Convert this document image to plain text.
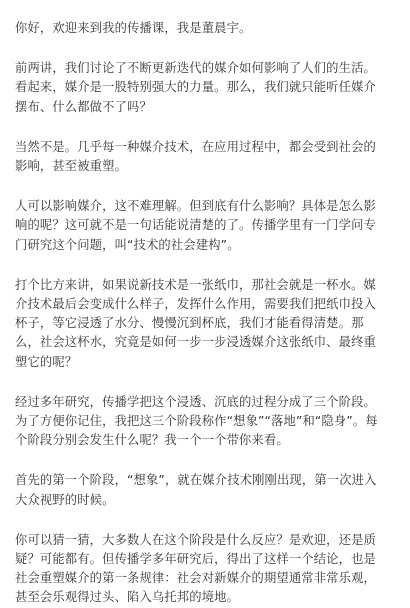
你好，欢迎来到我的传播课，我是董晨宇。

前两讲，我们讨论了不断更新迭代的媒介如何影响了人们的生活。看起来，媒介是一股特别强大的力量。那么，我们就只能听任媒介摆布、什么都做不了吗？

当然不是。几乎每一种媒介技术，在应用过程中，都会受到社会的影响，甚至被重塑。

人可以影响媒介，这不难理解。但到底有什么影响？具体是怎么影响的呢？这可就不是一句话能说清楚的了。传播学里有一门学问专门研究这个问题，叫“技术的社会建构”。

打个比方来讲，如果说新技术是一张纸巾，那社会就是一杯水。媒介技术最后会变成什么样子，发挥什么作用，需要我们把纸巾投入杯子，等它浸透了水分、慢慢沉到杯底，我们才能看得清楚。那么，社会这杯水，究竟是如何一步一步浸透媒介这张纸巾、最终重塑它的呢？

经过多年研究，传播学把这个浸透、沉底的过程分成了三个阶段。为了方便你记住，我把这三个阶段称作“想象”“落地”和“隐身”。每个阶段分别会发生什么呢？我一个一个带你来看。

首先的第一个阶段，“想象”，就在媒介技术刚刚出现，第一次进入大众视野的时候。

你可以猜一猜，大多数人在这个阶段是什么反应？是欢迎，还是质疑？可能都有。但传播学多年研究后，得出了这样一个结论，也是社会重塑媒介的第一条规律：社会对新媒介的期望通常非常乐观，甚至会乐观得过头、陷入乌托邦的境地。
